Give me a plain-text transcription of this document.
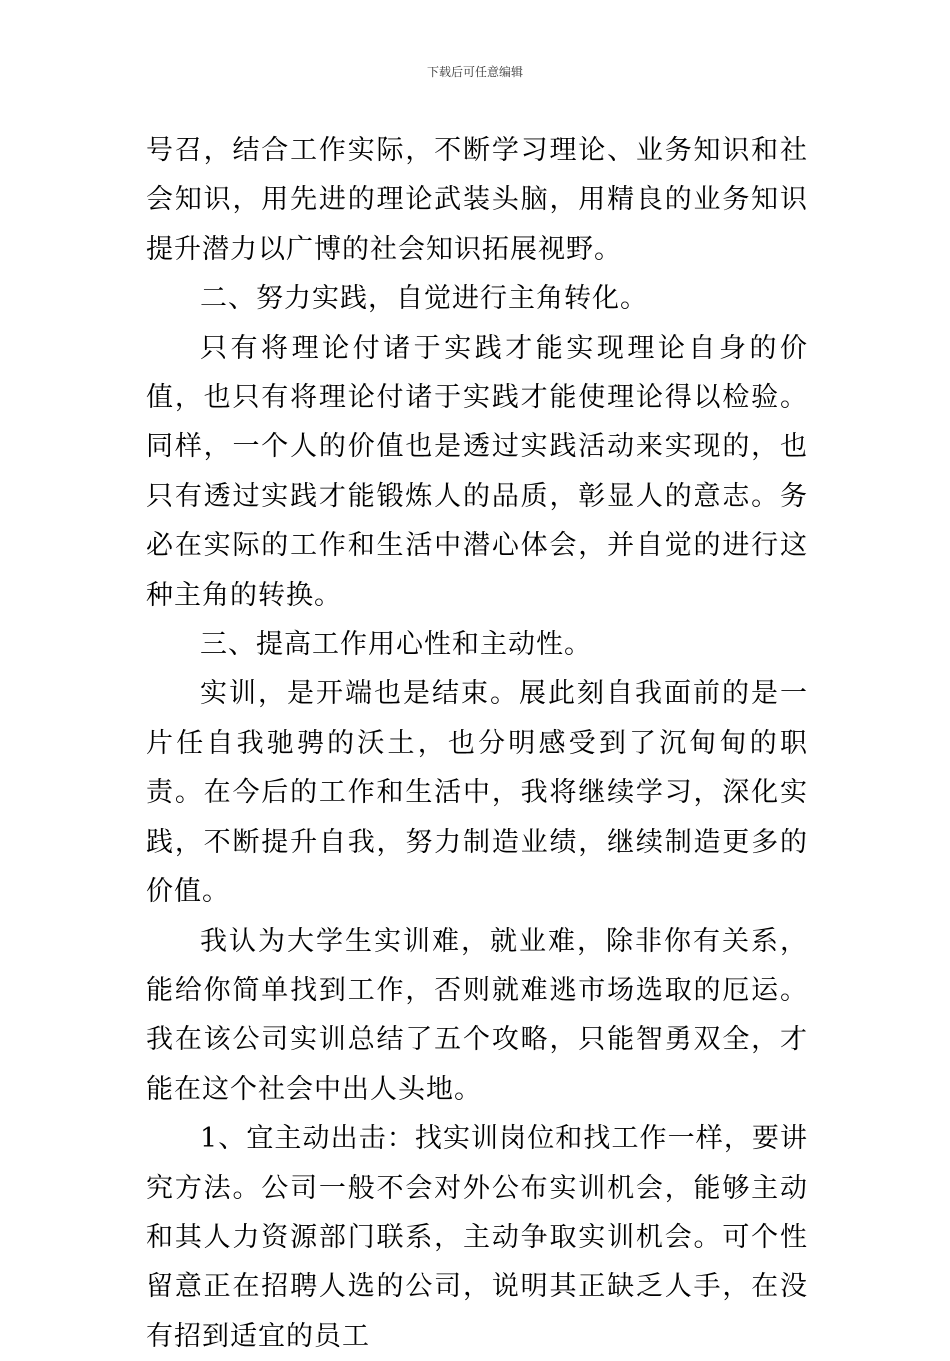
下载后可任意编辑

号召，结合工作实际，不断学习理论、业务知识和社会知识，用先进的理论武装头脑，用精良的业务知识提升潜力以广博的社会知识拓展视野。

二、努力实践，自觉进行主角转化。

只有将理论付诸于实践才能实现理论自身的价值，也只有将理论付诸于实践才能使理论得以检验。同样，一个人的价值也是透过实践活动来实现的，也只有透过实践才能锻炼人的品质，彰显人的意志。务必在实际的工作和生活中潜心体会，并自觉的进行这种主角的转换。

三、提高工作用心性和主动性。

实训，是开端也是结束。展此刻自我面前的是一片任自我驰骋的沃土，也分明感受到了沉甸甸的职责。在今后的工作和生活中，我将继续学习，深化实践，不断提升自我，努力制造业绩，继续制造更多的价值。

我认为大学生实训难，就业难，除非你有关系，能给你简单找到工作，否则就难逃市场选取的厄运。我在该公司实训总结了五个攻略，只能智勇双全，才能在这个社会中出人头地。

1、宜主动出击：找实训岗位和找工作一样，要讲究方法。公司一般不会对外公布实训机会，能够主动和其人力资源部门联系，主动争取实训机会。可个性留意正在招聘人选的公司，说明其正缺乏人手，在没有招到适宜的员工
